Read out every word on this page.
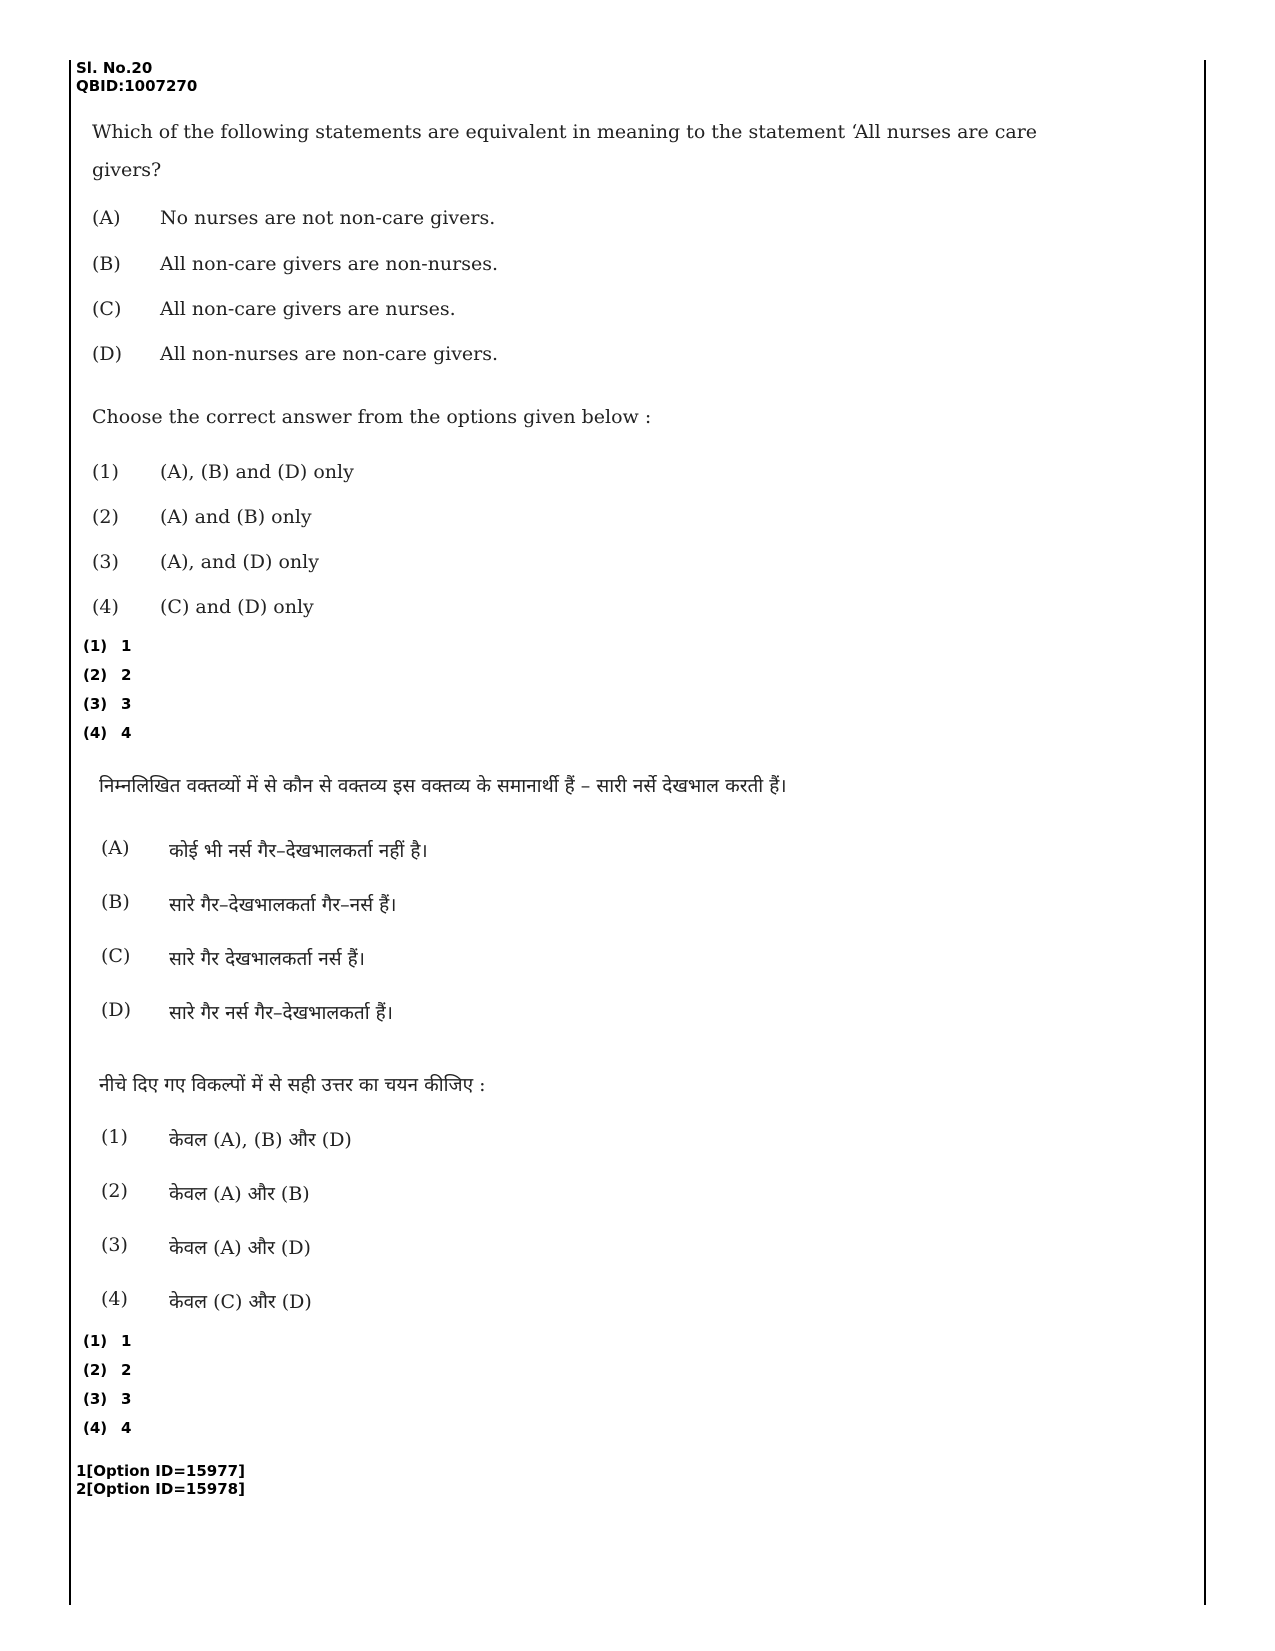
Sl. No.20
QBID:1007270
Which of the following statements are equivalent in meaning to the statement ‘All nurses are care givers?
(A) No nurses are not non-care givers.
(B) All non-care givers are non-nurses.
(C) All non-care givers are nurses.
(D) All non-nurses are non-care givers.
Choose the correct answer from the options given below :
(1) (A), (B) and (D) only
(2) (A) and (B) only
(3) (A), and (D) only
(4) (C) and (D) only
(1) 1
(2) 2
(3) 3
(4) 4
निम्नलिखित वक्तव्यों में से कौन से वक्तव्य इस वक्तव्य के समानार्थी हैं – सारी नर्से देखभाल करती हैं।
(A) कोई भी नर्स गैर–देखभालकर्ता नहीं है।
(B) सारे गैर–देखभालकर्ता गैर–नर्स हैं।
(C) सारे गैर देखभालकर्ता नर्स हैं।
(D) सारे गैर नर्स गैर–देखभालकर्ता हैं।
नीचे दिए गए विकल्पों में से सही उत्तर का चयन कीजिए :
(1) केवल (A), (B) और (D)
(2) केवल (A) और (B)
(3) केवल (A) और (D)
(4) केवल (C) और (D)
(1) 1
(2) 2
(3) 3
(4) 4
1[Option ID=15977]
2[Option ID=15978]
